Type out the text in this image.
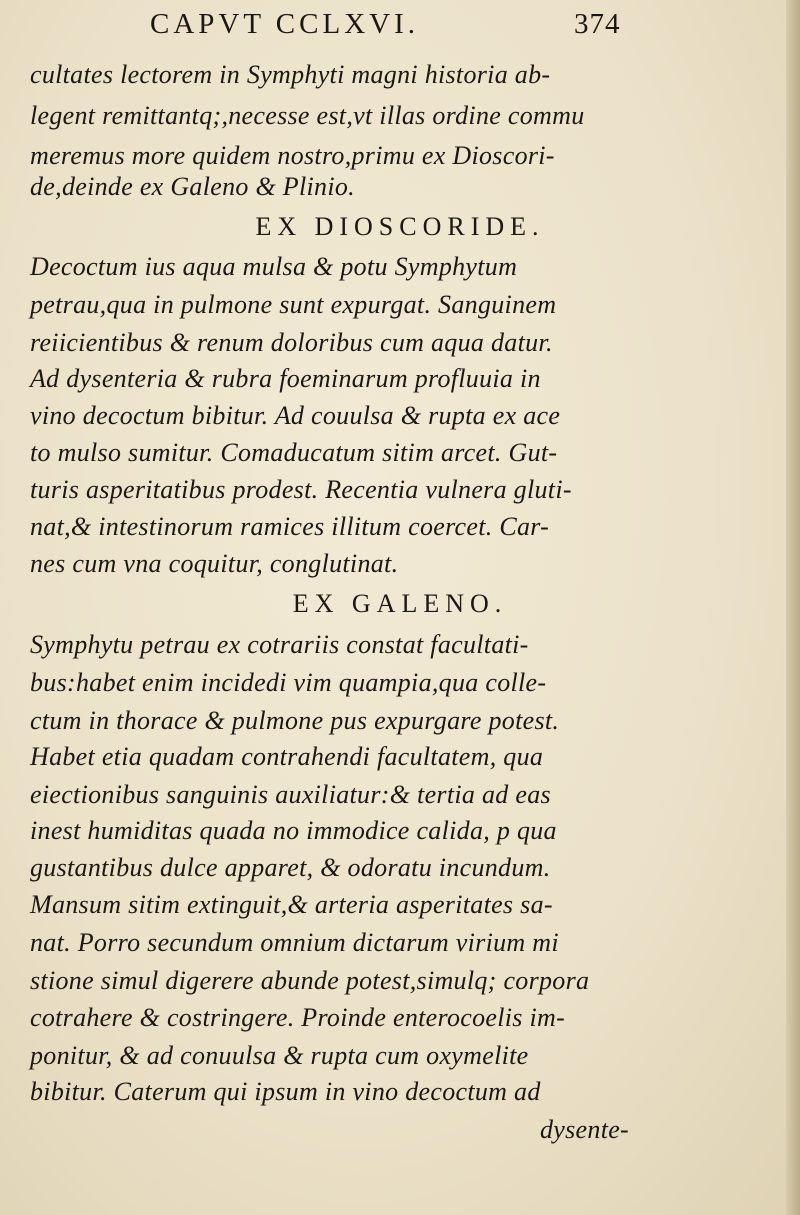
CAPVT CCLXVI.	374

cultates lectorem in Symphyti magni historia ab-

legent remittantq;,necesse est,vt illas ordine commu

meremus more quidem nostro,primu ex Dioscori-

de,deinde ex Galeno & Plinio.

EX DIOSCORIDE.

Decoctum ius aqua mulsa & potu Symphytum

petrau,qua in pulmone sunt expurgat. Sanguinem

reiicientibus & renum doloribus cum aqua datur.

Ad dysenteria & rubra foeminarum profluuia in

vino decoctum bibitur. Ad couulsa & rupta ex ace

to mulso sumitur. Comaducatum sitim arcet. Gut-

turis asperitatibus prodest. Recentia vulnera gluti-

nat,& intestinorum ramices illitum coercet. Car-

nes cum vna coquitur, conglutinat.

EX GALENO.

Symphytu petrau ex cotrariis constat facultati-

bus:habet enim incidedi vim quampia,qua colle-

ctum in thorace & pulmone pus expurgare potest.

Habet etia quadam contrahendi facultatem, qua

eiectionibus sanguinis auxiliatur:& tertia ad eas

inest humiditas quada no immodice calida, p qua

gustantibus dulce apparet, & odoratu incundum.

Mansum sitim extinguit,& arteria asperitates sa-

nat. Porro secundum omnium dictarum virium mi

stione simul digerere abunde potest,simulq; corpora

cotrahere & costringere. Proinde enterocoelis im-

ponitur, & ad conuulsa & rupta cum oxymelite

bibitur. Caterum qui ipsum in vino decoctum ad

dysente-
